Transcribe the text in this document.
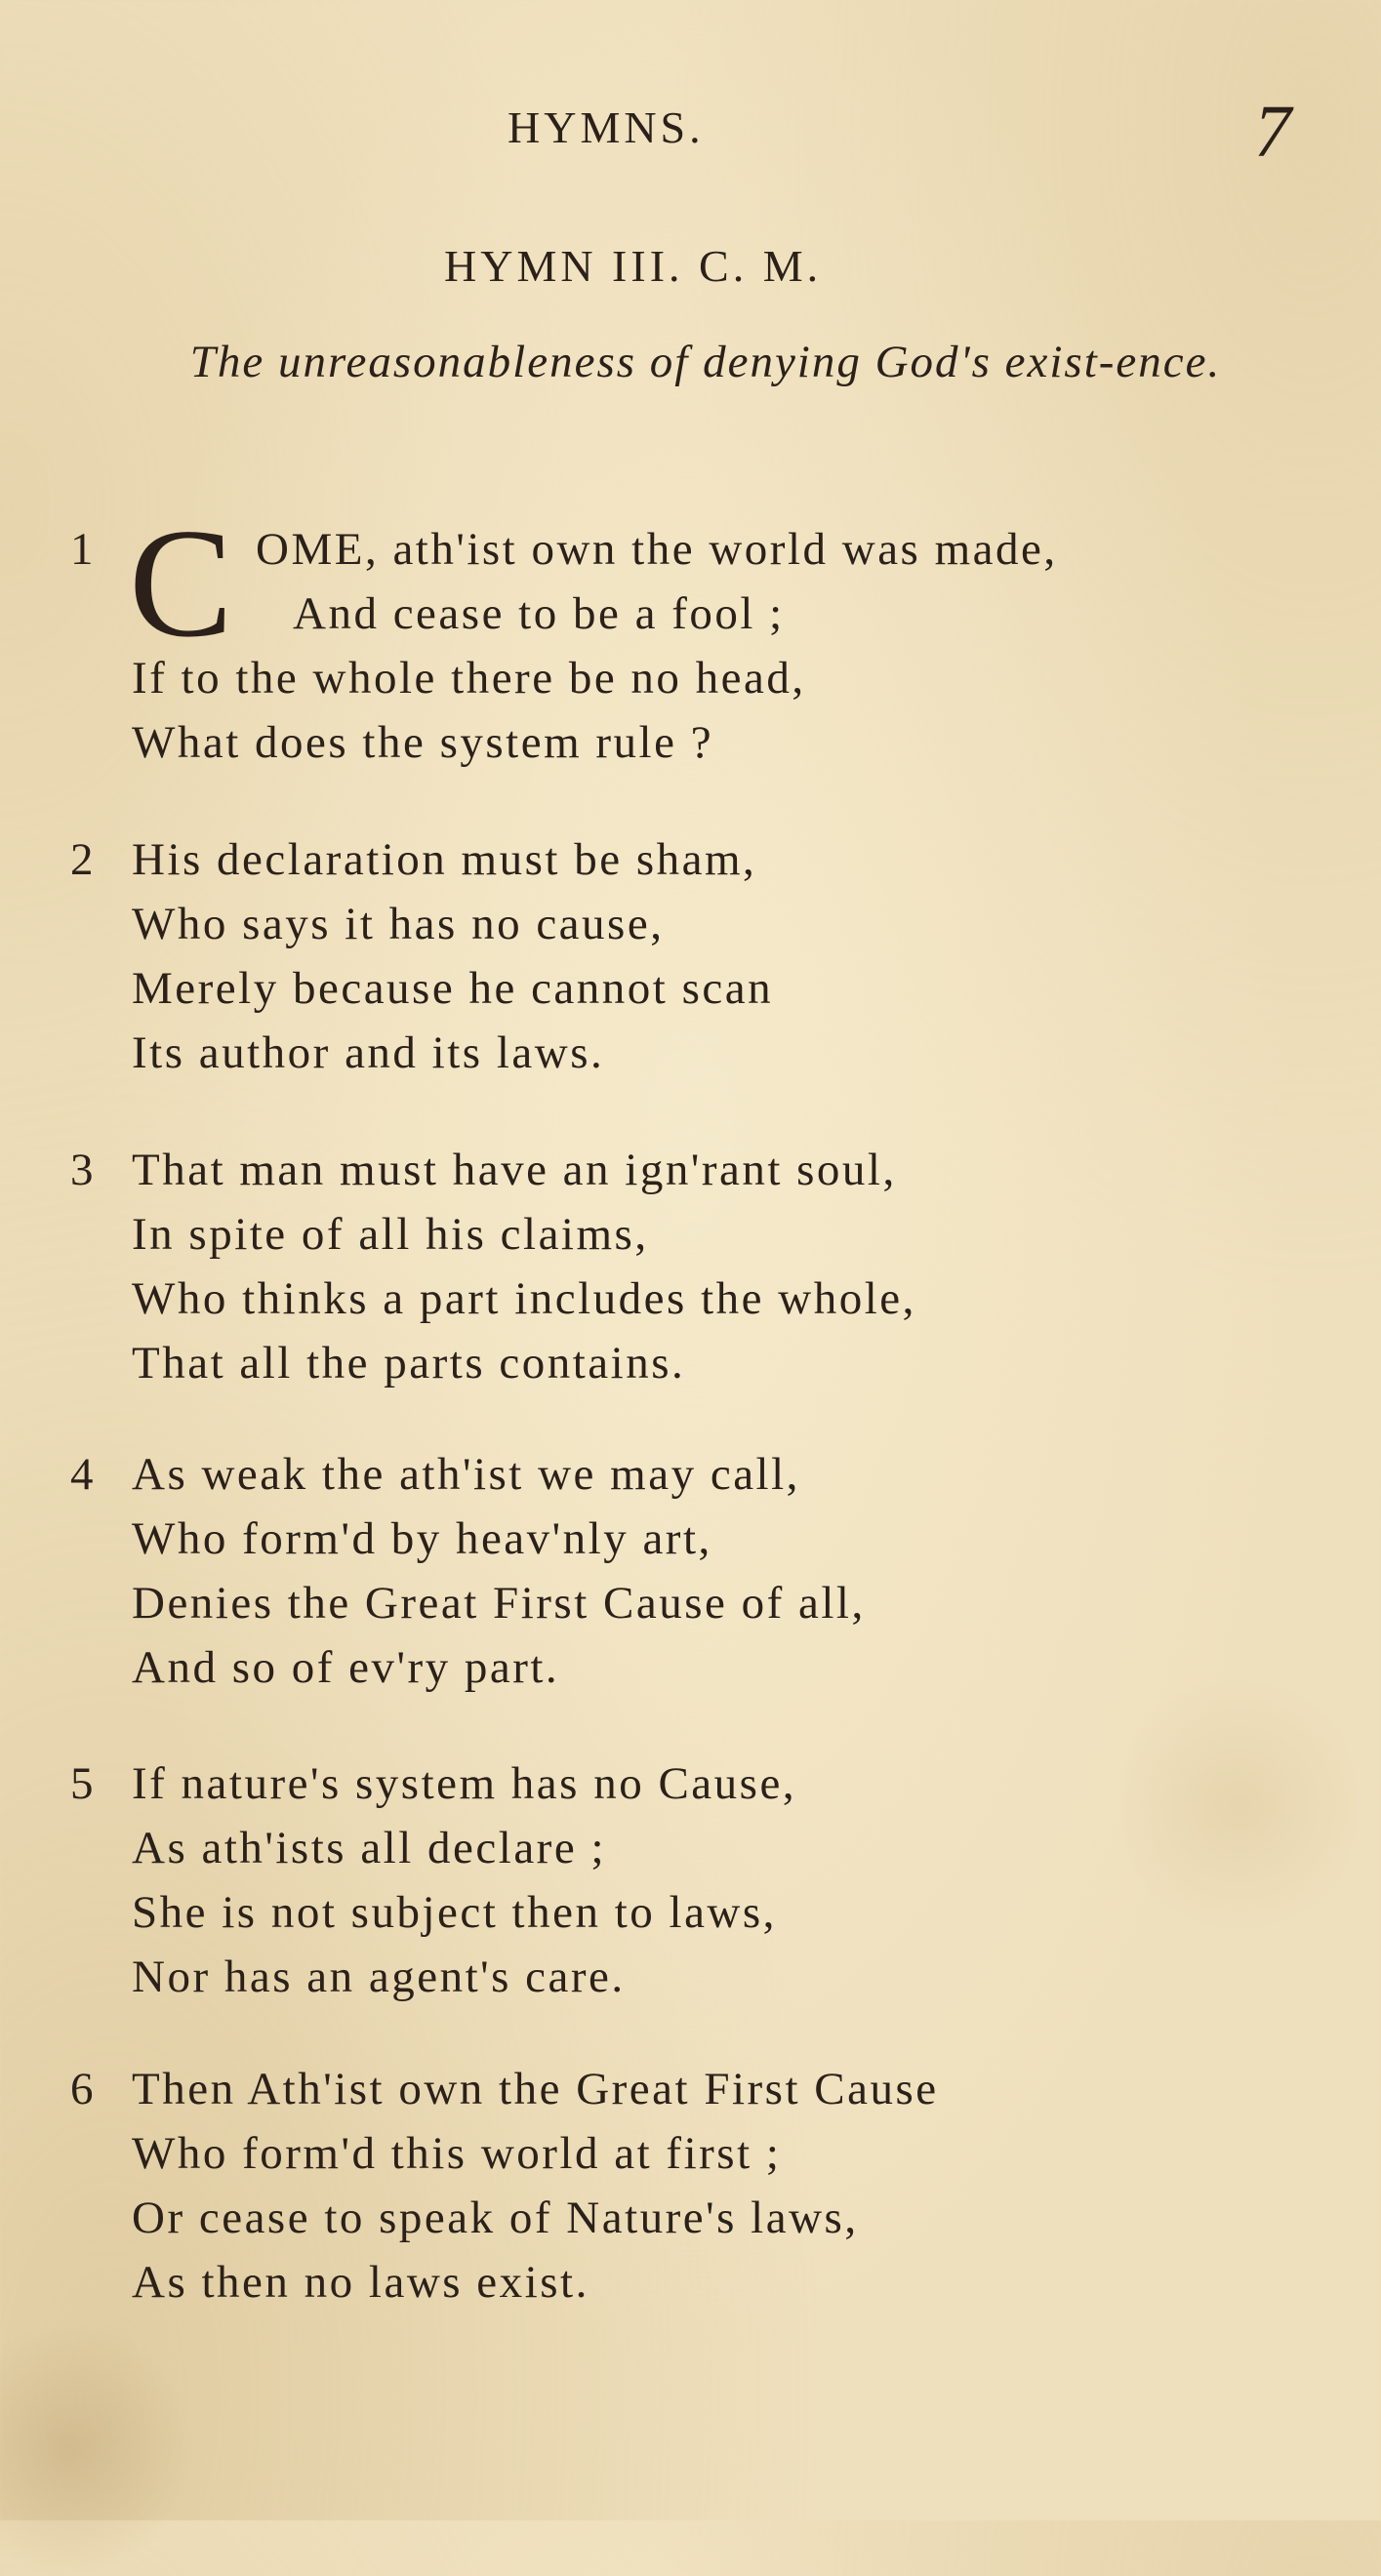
HYMNS.	7
HYMN III. C. M.
The unreasonableness of denying God's exist-ence.
1 C OME, ath'ist own the world was made,
And cease to be a fool ;
If to the whole there be no head,
What does the system rule ?
2 His declaration must be sham,
Who says it has no cause,
Merely because he cannot scan
Its author and its laws.
3 That man must have an ign'rant soul,
In spite of all his claims,
Who thinks a part includes the whole,
That all the parts contains.
4 As weak the ath'ist we may call,
Who form'd by heav'nly art,
Denies the Great First Cause of all,
And so of ev'ry part.
5 If nature's system has no Cause,
As ath'ists all declare ;
She is not subject then to laws,
Nor has an agent's care.
6 Then Ath'ist own the Great First Cause
Who form'd this world at first ;
Or cease to speak of Nature's laws,
As then no laws exist.
